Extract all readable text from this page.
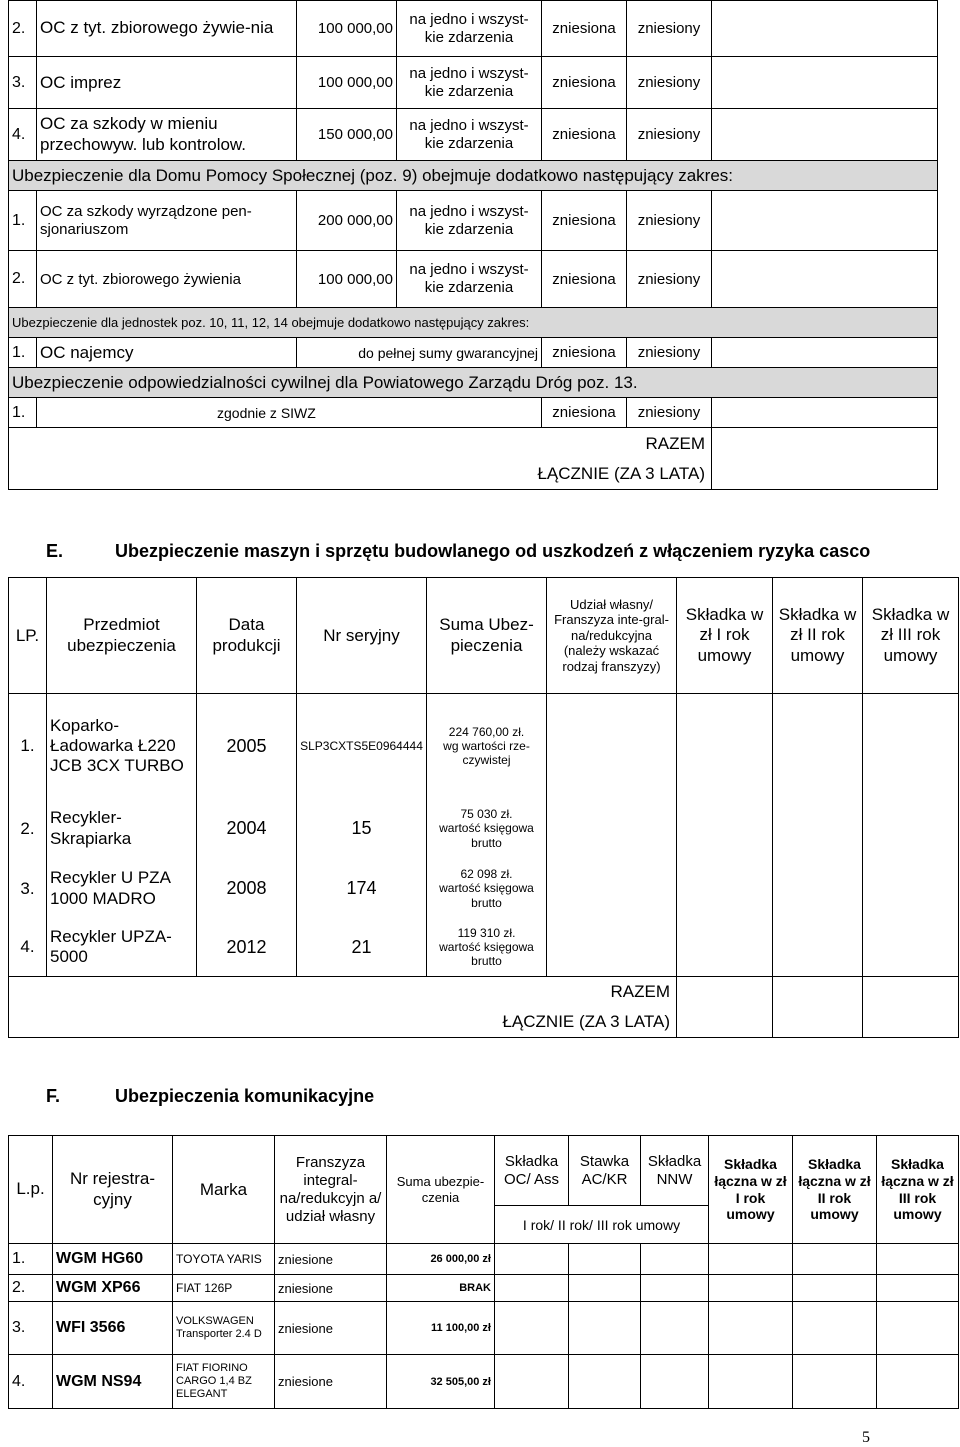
2.	OC z tyt. zbiorowego żywie-nia	100 000,00	na jedno i wszyst-kie zdarzenia	zniesiona	zniesiony	
3.	OC imprez	100 000,00	na jedno i wszyst-kie zdarzenia	zniesiona	zniesiony	
4.	OC za szkody w mieniu przechowyw. lub kontrolow.	150 000,00	na jedno i wszyst-kie zdarzenia	zniesiona	zniesiony	
Ubezpieczenie dla Domu Pomocy Społecznej (poz. 9) obejmuje dodatkowo następujący zakres:						
1.	OC za szkody wyrządzone pen-sjonariuszom	200 000,00	na jedno i wszyst-kie zdarzenia	zniesiona	zniesiony	
2.	OC z tyt. zbiorowego żywienia	100 000,00	na jedno i wszyst-kie zdarzenia	zniesiona	zniesiony	
Ubezpieczenie dla jednostek poz. 10, 11, 12, 14 obejmuje dodatkowo następujący zakres:						
1.	OC najemcy	do pełnej sumy gwarancyjnej		zniesiona	zniesiony	
Ubezpieczenie odpowiedzialności cywilnej dla Powiatowego Zarządu Dróg poz. 13.						
1.	zgodnie z SIWZ			zniesiona	zniesiony	

RAZEM
ŁĄCZNIE (ZA 3 LATA)						

E.	Ubezpieczenie maszyn i sprzętu budowlanego od uszkodzeń z włączeniem ryzyka casco
LP.	Przedmiot ubezpieczenia	Data produkcji	Nr seryjny	Suma Ubez-pieczenia	Udział własny/ Franszyza inte-gral-na/redukcyjna (należy wskazać rodzaj franszyzy)	Składka w zł I rok umowy	Składka w zł II rok umowy	Składka w zł III rok umowy
1.	Koparko-Ładowarka Ł220 JCB 3CX TURBO	2005	SLP3CXTS5E0964444	224 760,00 zł.
wg wartości rze-czywistej				

2.	Recykler-Skrapiarka	2004	15	75 030 zł.
wartość księgowa brutto				

3.	Recykler U PZA 1000 MADRO	2008	174	62 098 zł.
wartość księgowa brutto				

4.	Recykler UPZA-5000	2012	21	119 310 zł.
wartość księgowa brutto				

RAZEM
ŁĄCZNIE (ZA 3 LATA)								

F.	Ubezpieczenia komunikacyjne
L.p.	Nr rejestra-cyjny	Marka	Franszyza integral-na/redukcyjn a/ udział własny	Suma ubezpie-czenia	Składka OC/ Ass	Stawka AC/KR	Składka NNW	Składka łączna w zł I rok umowy	Składka łączna w zł II rok umowy	Składka łączna w zł III rok umowy
					I rok/ II rok/ III rok umowy					
1.	WGM HG60	TOYOTA YARIS	zniesione	26 000,00 zł						
2.	WGM XP66	FIAT 126P	zniesione	BRAK						
3.	WFI 3566	VOLKSWAGEN Transporter 2.4 D	zniesione	11 100,00 zł						
4.	WGM NS94	FIAT FIORINO CARGO 1,4 BZ ELEGANT	zniesione	32 505,00 zł						
5
